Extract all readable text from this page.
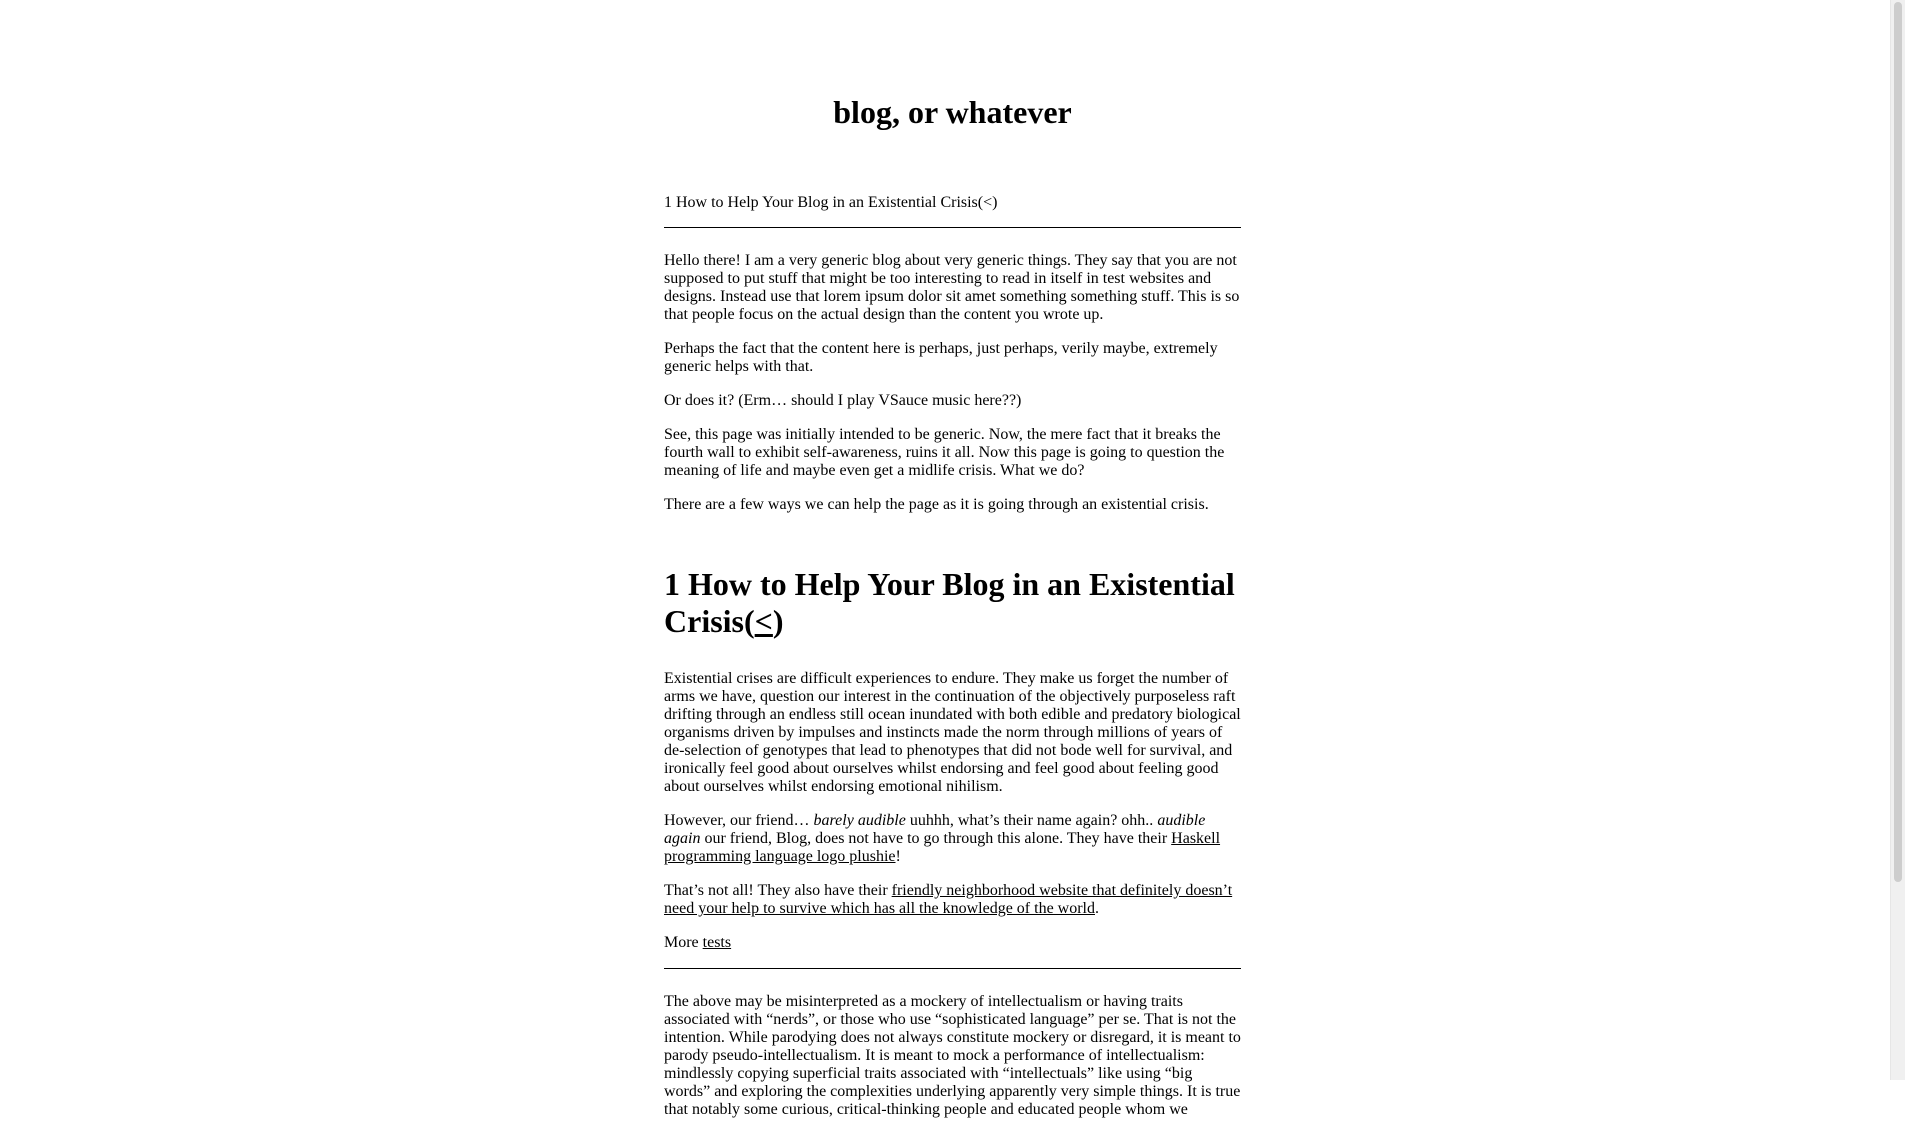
blog, or whatever

1 How to Help Your Blog in an Existential Crisis(<)

Hello there! I am a very generic blog about very generic things. They say that you are not supposed to put stuff that might be too interesting to read in itself in test websites and designs. Instead use that lorem ipsum dolor sit amet something something stuff. This is so that people focus on the actual design than the content you wrote up.

Perhaps the fact that the content here is perhaps, just perhaps, verily maybe, extremely generic helps with that.

Or does it? (Erm… should I play VSauce music here??)

See, this page was initially intended to be generic. Now, the mere fact that it breaks the fourth wall to exhibit self-awareness, ruins it all. Now this page is going to question the meaning of life and maybe even get a midlife crisis. What we do?

There are a few ways we can help the page as it is going through an existential crisis.

1 How to Help Your Blog in an Existential Crisis(<)

Existential crises are difficult experiences to endure. They make us forget the number of arms we have, question our interest in the continuation of the objectively purposeless raft drifting through an endless still ocean inundated with both edible and predatory biological organisms driven by impulses and instincts made the norm through millions of years of de-selection of genotypes that lead to phenotypes that did not bode well for survival, and ironically feel good about ourselves whilst endorsing and feel good about feeling good about ourselves whilst endorsing emotional nihilism.

However, our friend… barely audible uuhhh, what’s their name again? ohh.. audible again our friend, Blog, does not have to go through this alone. They have their Haskell programming language logo plushie!

That’s not all! They also have their friendly neighborhood website that definitely doesn’t need your help to survive which has all the knowledge of the world.

More tests

The above may be misinterpreted as a mockery of intellectualism or having traits associated with “nerds”, or those who use “sophisticated language” per se. That is not the intention. While parodying does not always constitute mockery or disregard, it is meant to parody pseudo-intellectualism. It is meant to mock a performance of intellectualism: mindlessly copying superficial traits associated with “intellectuals” like using “big words” and exploring the complexities underlying apparently very simple things. It is true that notably some curious, critical-thinking people and educated people whom we
